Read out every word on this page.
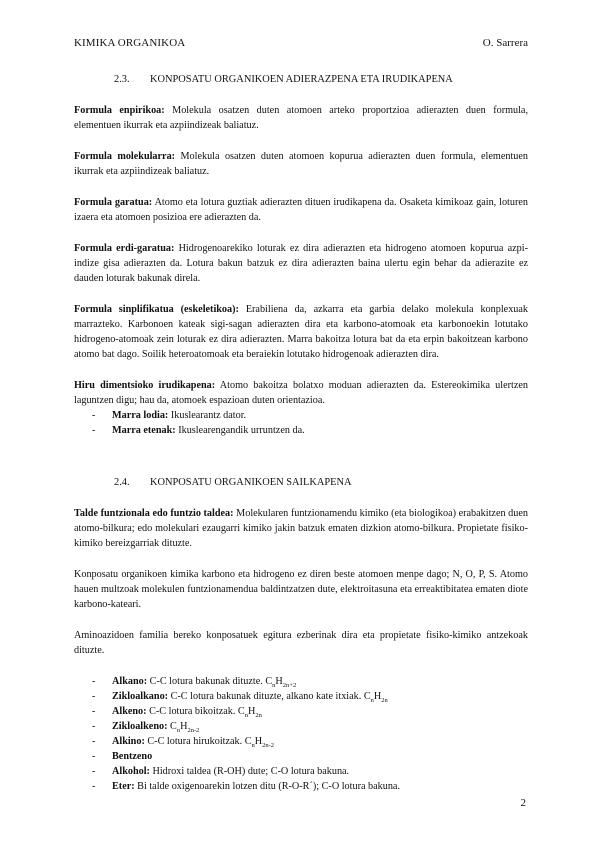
KIMIKA ORGANIKOA	O. Sarrera
2.3.	KONPOSATU ORGANIKOEN ADIERAZPENA ETA IRUDIKAPENA

Formula enpirikoa: Molekula osatzen duten atomoen arteko proportzioa adierazten duen formula, elementuen ikurrak eta azpiindizeak baliatuz.

Formula molekularra: Molekula osatzen duten atomoen kopurua adierazten duen formula, elementuen ikurrak eta azpiindizeak baliatuz.

Formula garatua: Atomo eta lotura guztiak adierazten dituen irudikapena da. Osaketa kimikoaz gain, loturen izaera eta atomoen posizioa ere adierazten da.

Formula erdi-garatua: Hidrogenoarekiko loturak ez dira adierazten eta hidrogeno atomoen kopurua azpi-indize gisa adierazten da. Lotura bakun batzuk ez dira adierazten baina ulertu egin behar da adierazite ez dauden loturak bakunak direla.

Formula sinplifikatua (eskeletikoa): Erabiliena da, azkarra eta garbia delako molekula konplexuak marrazteko. Karbonoen kateak sigi-sagan adierazten dira eta karbono-atomoak eta karbonoekin lotutako hidrogeno-atomoak zein loturak ez dira adierazten. Marra bakoitza lotura bat da eta erpin bakoitzean karbono atomo bat dago. Soilik heteroatomoak eta beraiekin lotutako hidrogenoak adierazten dira.

Hiru dimentsioko irudikapena: Atomo bakoitza bolatxo moduan adierazten da. Estereokimika ulertzen laguntzen digu; hau da, atomoek espazioan duten orientazioa.

-	Marra lodia: Ikuslearantz dator.
-	Marra etenak: Ikuslearengandik urruntzen da.
2.4.	KONPOSATU ORGANIKOEN SAILKAPENA

Talde funtzionala edo funtzio taldea: Molekularen funtzionamendu kimiko (eta biologikoa) erabakitzen duen atomo-bilkura; edo molekulari ezaugarri kimiko jakin batzuk ematen dizkion atomo-bilkura. Propietate fisiko-kimiko bereizgarriak dituzte.

Konposatu organikoen kimika karbono eta hidrogeno ez diren beste atomoen menpe dago; N, O, P, S. Atomo hauen multzoak molekulen funtzionamendua baldintzatzen dute, elektroitasuna eta erreaktibitatea ematen diote karbono-kateari.

Aminoazidoen familia bereko konposatuek egitura ezberinak dira eta propietate fisiko-kimiko antzekoak dituzte.

-	Alkano: C-C lotura bakunak dituzte. $C_nH_{2n+2}$
-	Zikloalkano: C-C lotura bakunak dituzte, alkano kate itxiak. $C_nH_{2n}$
-	Alkeno: C-C lotura bikoitzak. $C_nH_{2n}$
-	Zikloalkeno: $C_nH_{2n-2}$
-	Alkino: C-C lotura hirukoitzak. $C_nH_{2n-2}$
-	Bentzeno
-	Alkohol: Hidroxi taldea (R-OH) dute; C-O lotura bakuna.
-	Eter: Bi talde oxigenoarekin lotzen ditu (R-O-R´); C-O lotura bakuna.
2
